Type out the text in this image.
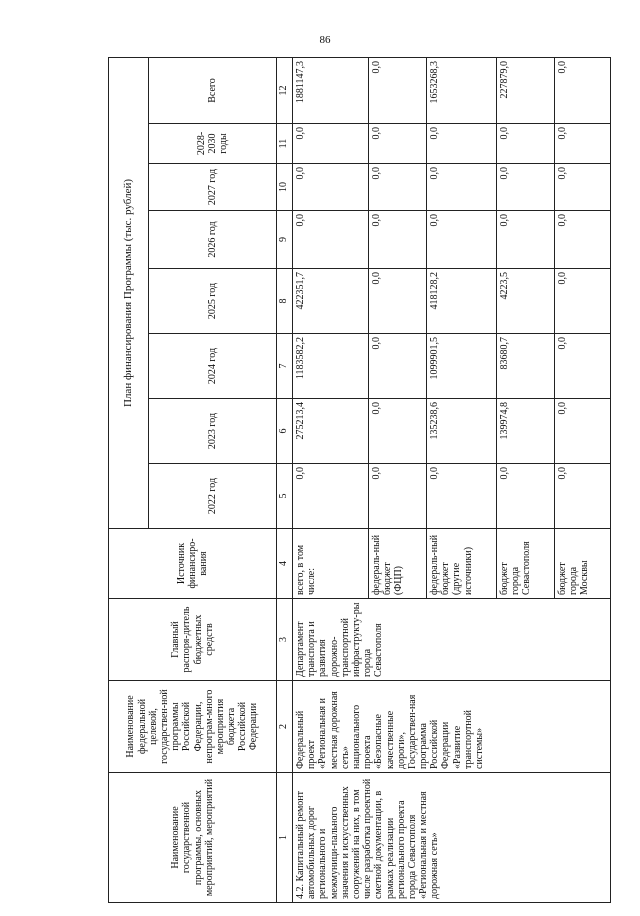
86
Наименование государственной программы, основных мероприятий, мероприятий	Наименование федеральной целевой, государствен-ной программы Российской Федерации, непрограм-много мероприятия бюджета Российской Федерации	Главный распоря-дитель бюджетных средств	Источник финансиро-вания	План финансирования Программы (тыс. рублей)							
				2022 год	2023 год	2024 год	2025 год	2026 год	2027 год	2028-2030 годы	Всего
1	2	3	4	5	6	7	8	9	10	11	12
4.2. Капитальный ремонт автомобильных дорог регионального и межмуници-пального значения и искусственных сооружений на них, в том числе разработка проектной сметной документации, в рамках реализации регионального проекта города Севастополя «Региональная и местная дорожная сеть»	Федеральный проект «Региональная и местная дорожная сеть» национального проекта «Безопасные качественные дороги», Государствен-ная программа Российской Федерации «Развитие транспортной системы»	Департамент транспорта и развития дорожно-транспортной инфраструкту-ры города Севастополя	всего, в том числе:	0,0	275213,4	1183582,2	422351,7	0,0	0,0	0,0	1881147,3
			федераль-ный бюджет (ФЦП)	0,0	0,0	0,0	0,0	0,0	0,0	0,0	0,0
			федераль-ный бюджет (другие источники)	0,0	135238,6	1099901,5	418128,2	0,0	0,0	0,0	1653268,3
			бюджет города Севастополя	0,0	139974,8	83680,7	4223,5	0,0	0,0	0,0	227879,0
			бюджет города Москвы	0,0	0,0	0,0	0,0	0,0	0,0	0,0	0,0
